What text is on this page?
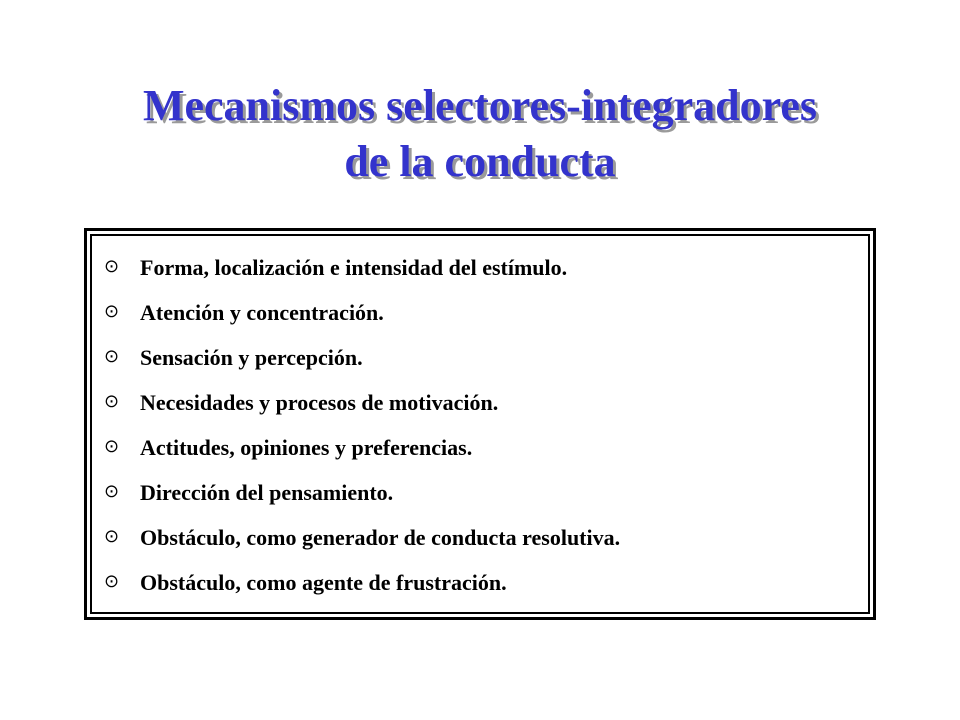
Mecanismos selectores-integradores
de la conducta
⊙ Forma, localización e intensidad del estímulo.
⊙ Atención y concentración.
⊙ Sensación y percepción.
⊙ Necesidades y procesos de motivación.
⊙ Actitudes, opiniones y preferencias.
⊙ Dirección del pensamiento.
⊙ Obstáculo, como generador de conducta resolutiva.
⊙ Obstáculo, como agente de frustración.
